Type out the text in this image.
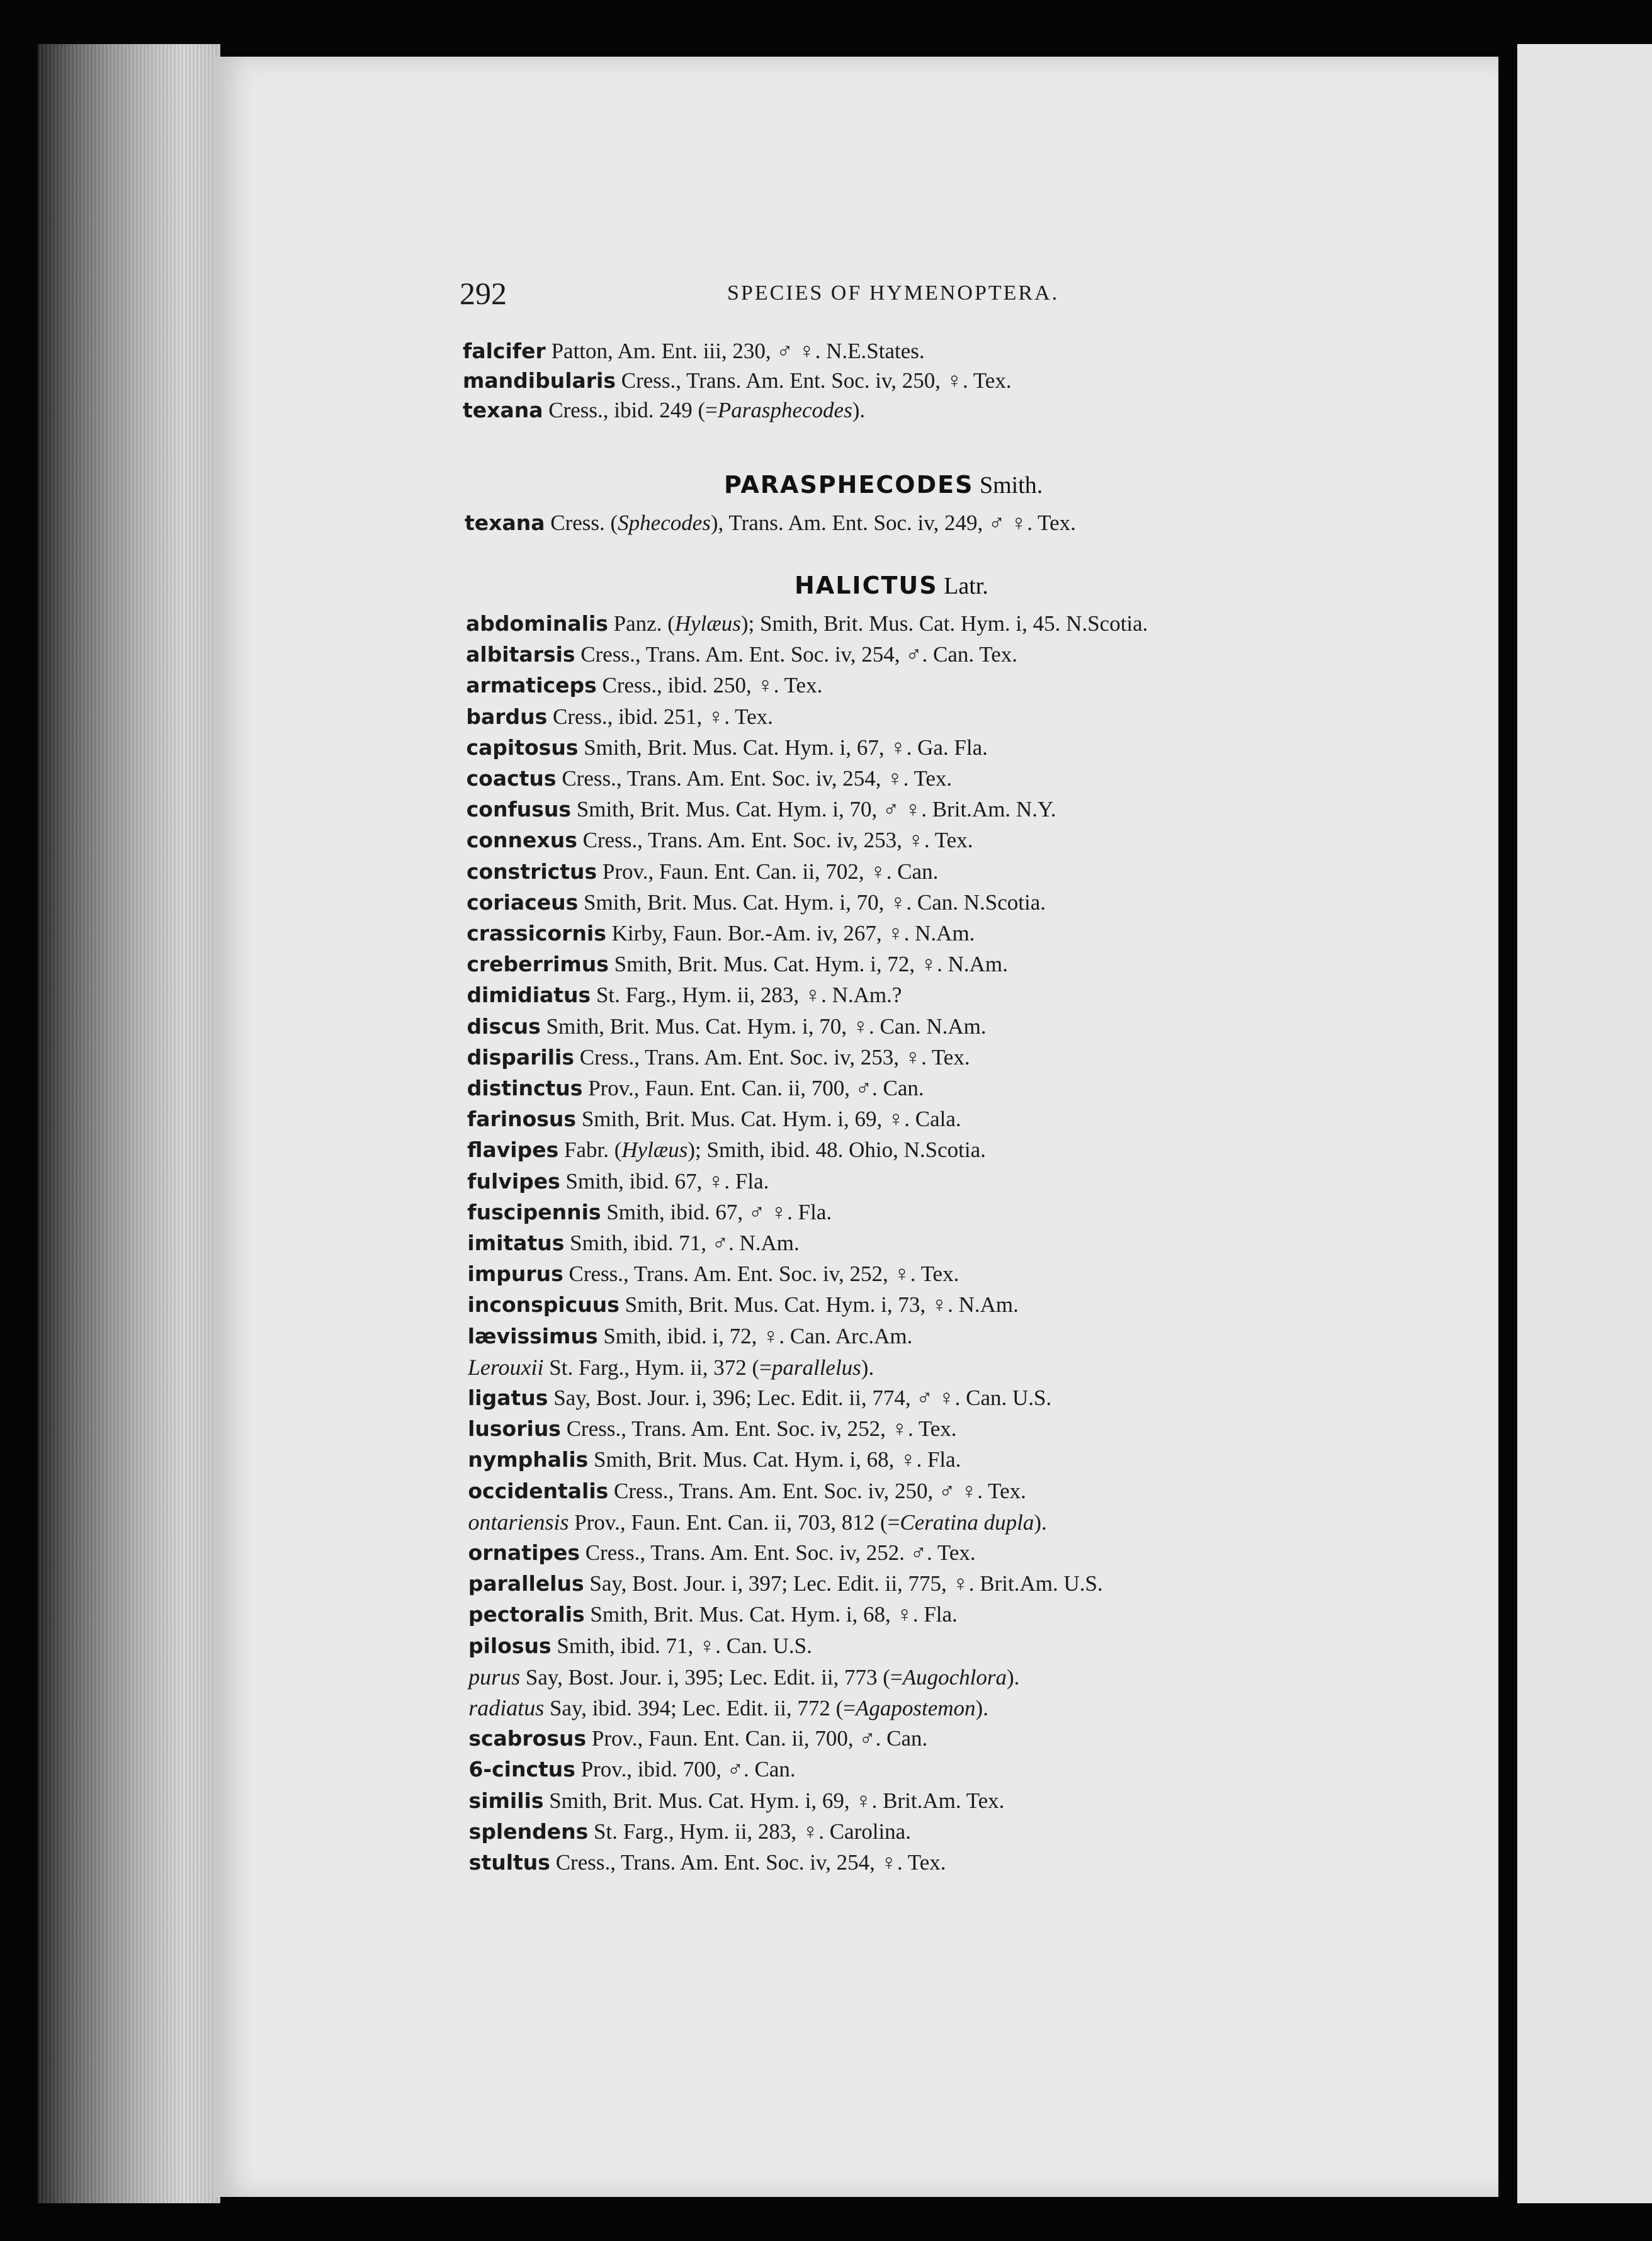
292	SPECIES OF HYMENOPTERA.
PARASPHECODES Smith.
HALICTUS Latr.
falcifer Patton, Am. Ent. iii, 230, ♂ ♀. N.E.States.
mandibularis Cress., Trans. Am. Ent. Soc. iv, 250, ♀. Tex.
texana Cress., ibid. 249 (=Parasphecodes).
texana Cress. (Sphecodes), Trans. Am. Ent. Soc. iv, 249, ♂ ♀. Tex.
abdominalis Panz. (Hylæus); Smith, Brit. Mus. Cat. Hym. i, 45. N.Scotia.
albitarsis Cress., Trans. Am. Ent. Soc. iv, 254, ♂. Can. Tex.
armaticeps Cress., ibid. 250, ♀. Tex.
bardus Cress., ibid. 251, ♀. Tex.
capitosus Smith, Brit. Mus. Cat. Hym. i, 67, ♀. Ga. Fla.
coactus Cress., Trans. Am. Ent. Soc. iv, 254, ♀. Tex.
confusus Smith, Brit. Mus. Cat. Hym. i, 70, ♂ ♀. Brit.Am. N.Y.
connexus Cress., Trans. Am. Ent. Soc. iv, 253, ♀. Tex.
constrictus Prov., Faun. Ent. Can. ii, 702, ♀. Can.
coriaceus Smith, Brit. Mus. Cat. Hym. i, 70, ♀. Can. N.Scotia.
crassicornis Kirby, Faun. Bor.-Am. iv, 267, ♀. N.Am.
creberrimus Smith, Brit. Mus. Cat. Hym. i, 72, ♀. N.Am.
dimidiatus St. Farg., Hym. ii, 283, ♀. N.Am.?
discus Smith, Brit. Mus. Cat. Hym. i, 70, ♀. Can. N.Am.
disparilis Cress., Trans. Am. Ent. Soc. iv, 253, ♀. Tex.
distinctus Prov., Faun. Ent. Can. ii, 700, ♂. Can.
farinosus Smith, Brit. Mus. Cat. Hym. i, 69, ♀. Cala.
flavipes Fabr. (Hylæus); Smith, ibid. 48. Ohio, N.Scotia.
fulvipes Smith, ibid. 67, ♀. Fla.
fuscipennis Smith, ibid. 67, ♂ ♀. Fla.
imitatus Smith, ibid. 71, ♂. N.Am.
impurus Cress., Trans. Am. Ent. Soc. iv, 252, ♀. Tex.
inconspicuus Smith, Brit. Mus. Cat. Hym. i, 73, ♀. N.Am.
lævissimus Smith, ibid. i, 72, ♀. Can. Arc.Am.
Lerouxii St. Farg., Hym. ii, 372 (=parallelus).
ligatus Say, Bost. Jour. i, 396; Lec. Edit. ii, 774, ♂ ♀. Can. U.S.
lusorius Cress., Trans. Am. Ent. Soc. iv, 252, ♀. Tex.
nymphalis Smith, Brit. Mus. Cat. Hym. i, 68, ♀. Fla.
occidentalis Cress., Trans. Am. Ent. Soc. iv, 250, ♂ ♀. Tex.
ontariensis Prov., Faun. Ent. Can. ii, 703, 812 (=Ceratina dupla).
ornatipes Cress., Trans. Am. Ent. Soc. iv, 252. ♂. Tex.
parallelus Say, Bost. Jour. i, 397; Lec. Edit. ii, 775, ♀. Brit.Am. U.S.
pectoralis Smith, Brit. Mus. Cat. Hym. i, 68, ♀. Fla.
pilosus Smith, ibid. 71, ♀. Can. U.S.
purus Say, Bost. Jour. i, 395; Lec. Edit. ii, 773 (=Augochlora).
radiatus Say, ibid. 394; Lec. Edit. ii, 772 (=Agapostemon).
scabrosus Prov., Faun. Ent. Can. ii, 700, ♂. Can.
6-cinctus Prov., ibid. 700, ♂. Can.
similis Smith, Brit. Mus. Cat. Hym. i, 69, ♀. Brit.Am. Tex.
splendens St. Farg., Hym. ii, 283, ♀. Carolina.
stultus Cress., Trans. Am. Ent. Soc. iv, 254, ♀. Tex.
